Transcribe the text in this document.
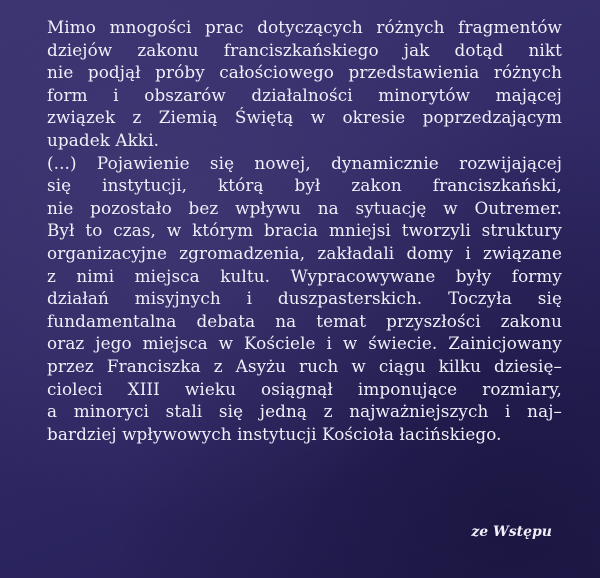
Mimo mnogości prac dotyczących różnych fragmentów
dziejów zakonu franciszkańskiego jak dotąd nikt
nie podjął próby całościowego przedstawienia różnych
form i obszarów działalności minorytów mającej
związek z Ziemią Świętą w okresie poprzedzającym
upadek Akki.
(...) Pojawienie się nowej, dynamicznie rozwijającej
się instytucji, którą był zakon franciszkański,
nie pozostało bez wpływu na sytuację w Outremer.
Był to czas, w którym bracia mniejsi tworzyli struktury
organizacyjne zgromadzenia, zakładali domy i związane
z nimi miejsca kultu. Wypracowywane były formy
działań misyjnych i duszpasterskich. Toczyła się
fundamentalna debata na temat przyszłości zakonu
oraz jego miejsca w Kościele i w świecie. Zainicjowany
przez Franciszka z Asyżu ruch w ciągu kilku dziesię–
cioleci XIII wieku osiągnął imponujące rozmiary,
a minoryci stali się jedną z najważniejszych i naj–
bardziej wpływowych instytucji Kościoła łacińskiego.
ze Wstępu
